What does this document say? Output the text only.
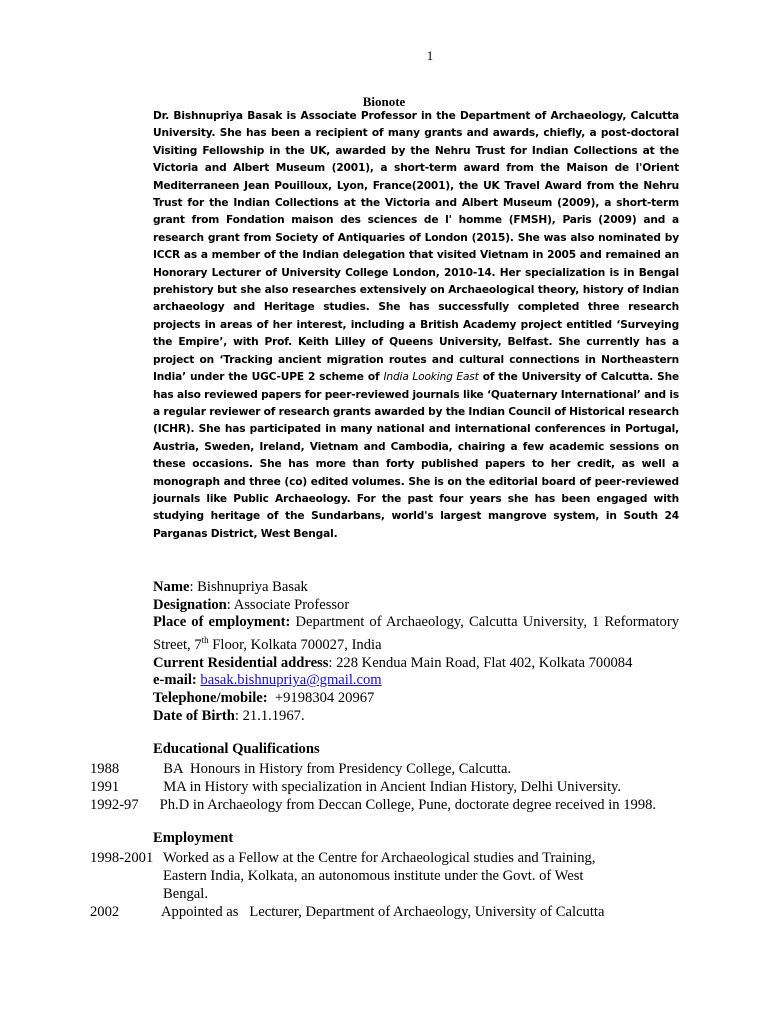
1
Bionote
Dr. Bishnupriya Basak is Associate Professor in the Department of Archaeology, Calcutta University. She has been a recipient of many grants and awards, chiefly, a post-doctoral Visiting Fellowship in the UK, awarded by the Nehru Trust for Indian Collections at the Victoria and Albert Museum (2001), a short-term award from the Maison de l'Orient Mediterraneen Jean Pouilloux, Lyon, France(2001), the UK Travel Award from the Nehru Trust for the Indian Collections at the Victoria and Albert Museum (2009), a short-term grant from Fondation maison des sciences de l' homme (FMSH), Paris (2009) and a research grant from Society of Antiquaries of London (2015). She was also nominated by ICCR as a member of the Indian delegation that visited Vietnam in 2005 and remained an Honorary Lecturer of University College London, 2010-14. Her specialization is in Bengal prehistory but she also researches extensively on Archaeological theory, history of Indian archaeology and Heritage studies. She has successfully completed three research projects in areas of her interest, including a British Academy project entitled ‘Surveying the Empire’, with Prof. Keith Lilley of Queens University, Belfast. She currently has a project on ‘Tracking ancient migration routes and cultural connections in Northeastern India’ under the UGC-UPE 2 scheme of India Looking East of the University of Calcutta. She has also reviewed papers for peer-reviewed journals like ‘Quaternary International’ and is a regular reviewer of research grants awarded by the Indian Council of Historical research (ICHR). She has participated in many national and international conferences in Portugal, Austria, Sweden, Ireland, Vietnam and Cambodia, chairing a few academic sessions on these occasions. She has more than forty published papers to her credit, as well a monograph and three (co) edited volumes. She is on the editorial board of peer-reviewed journals like Public Archaeology. For the past four years she has been engaged with studying heritage of the Sundarbans, world's largest mangrove system, in South 24 Parganas District, West Bengal.
Name: Bishnupriya Basak
Designation: Associate Professor
Place of employment: Department of Archaeology, Calcutta University, 1 Reformatory Street, 7th Floor, Kolkata 700027, India
Current Residential address: 228 Kendua Main Road, Flat 402, Kolkata 700084
e-mail: basak.bishnupriya@gmail.com
Telephone/mobile:  +9198304 20967
Date of Birth: 21.1.1967.
Educational Qualifications
1988	BA  Honours in History from Presidency College, Calcutta.
1991	MA in History with specialization in Ancient Indian History, Delhi University.
1992-97	Ph.D in Archaeology from Deccan College, Pune, doctorate degree received in 1998.
Employment
1998-2001 Worked as a Fellow at the Centre for Archaeological studies and Training,
Eastern India, Kolkata, an autonomous institute under the Govt. of West
Bengal.
2002	Appointed as   Lecturer, Department of Archaeology, University of Calcutta
